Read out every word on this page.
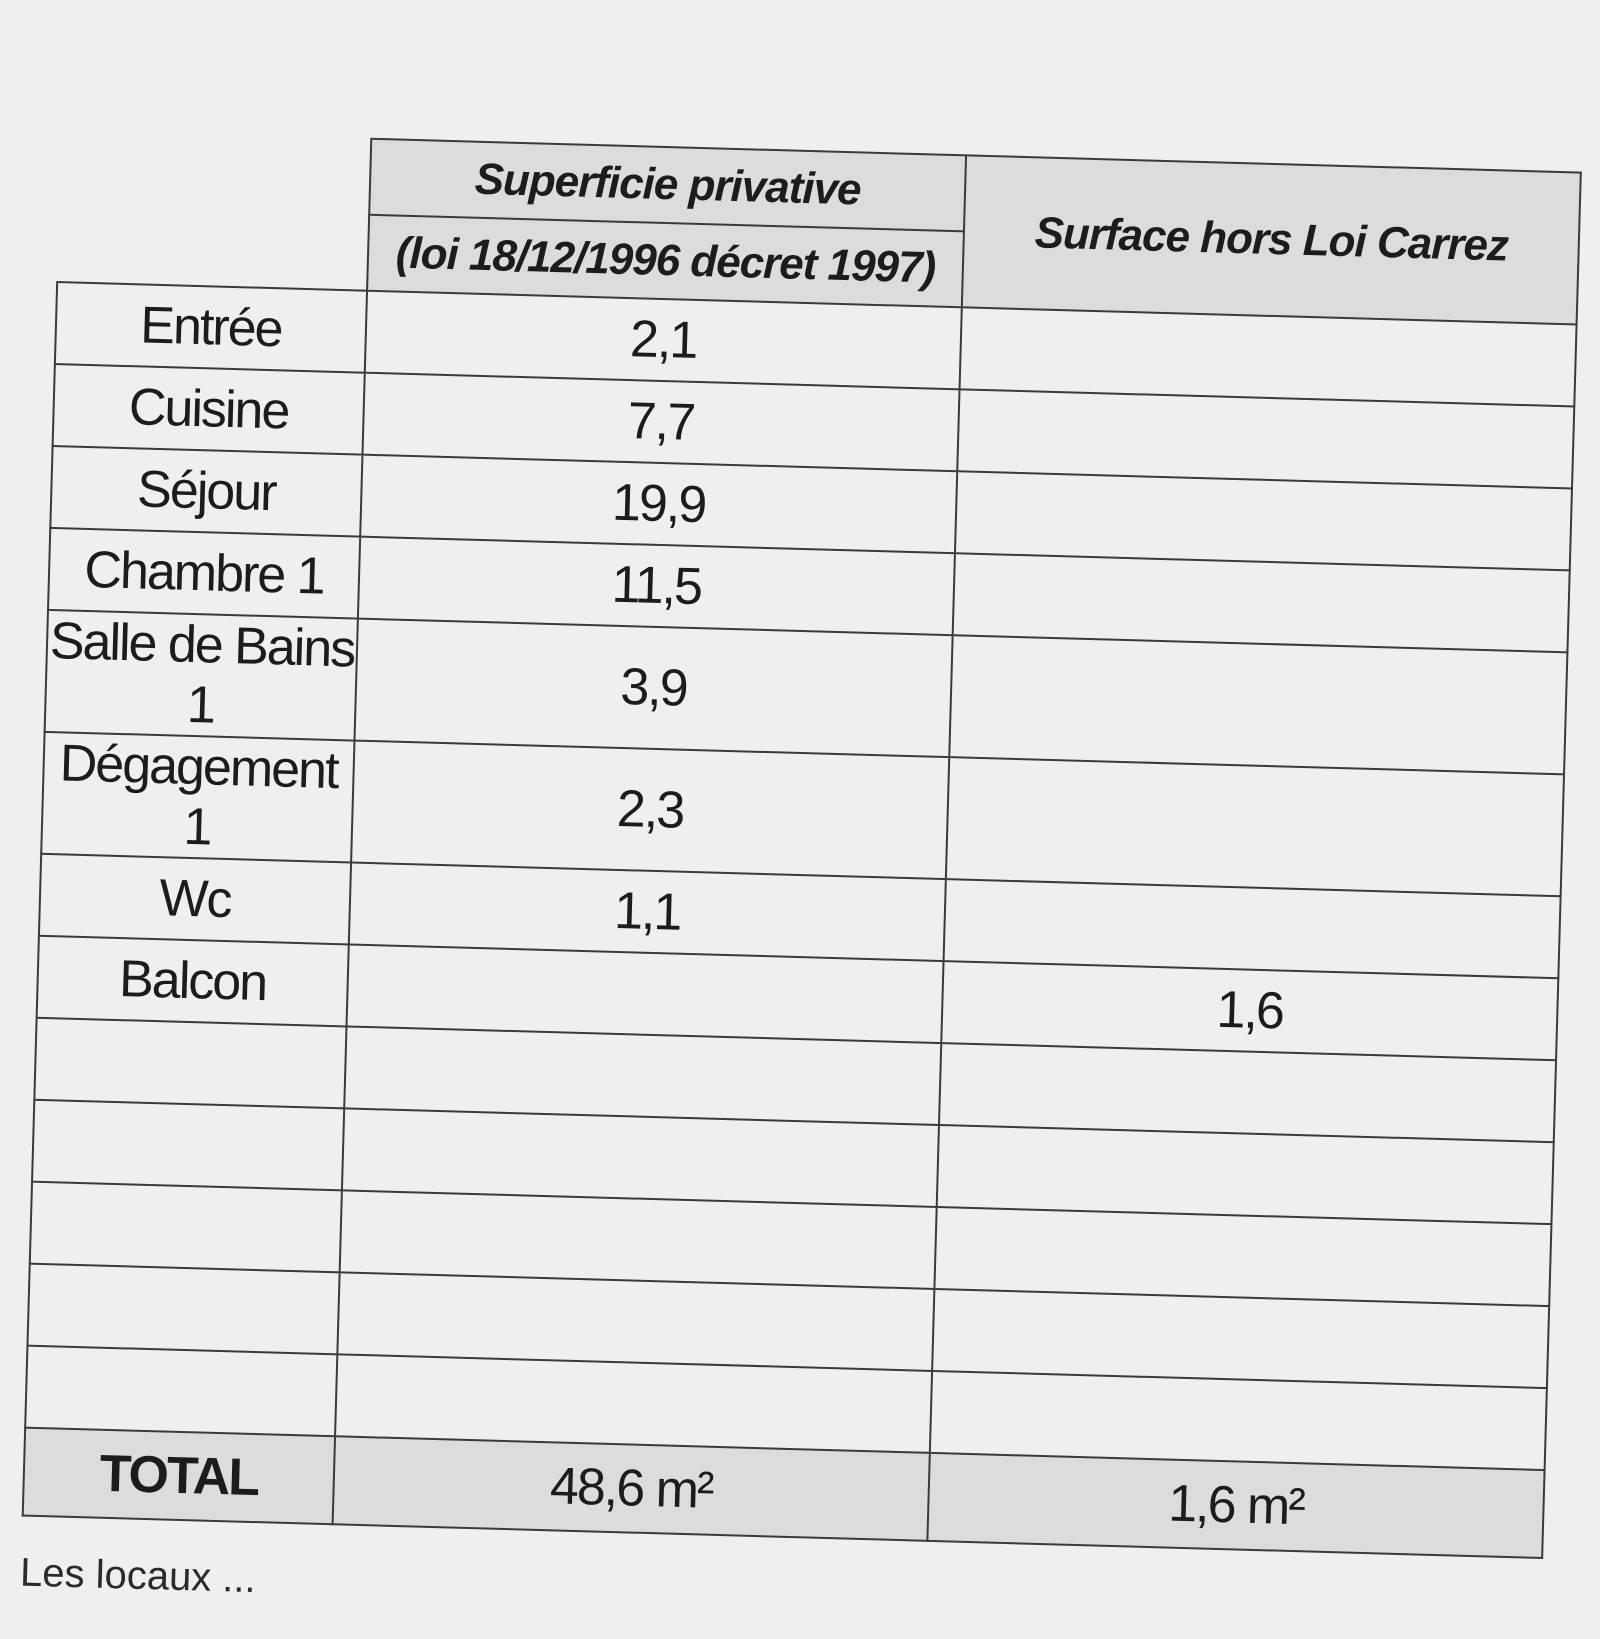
	Superficie privative	Surface hors Loi Carrez
	(loi 18/12/1996 décret 1997)	
Entrée	2,1	
Cuisine	7,7	
Séjour	19,9	
Chambre 1	11,5	
Salle de Bains 1	3,9	
Dégagement 1	2,3	
Wc	1,1	
Balcon		1,6

TOTAL	48,6 m²	1,6 m²
Les locaux ...
